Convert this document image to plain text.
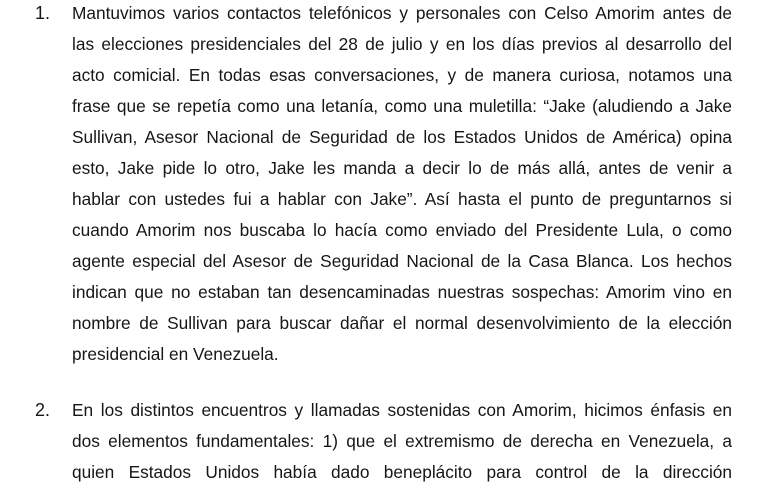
1. Mantuvimos varios contactos telefónicos y personales con Celso Amorim antes de
las elecciones presidenciales del 28 de julio y en los días previos al desarrollo del
acto comicial. En todas esas conversaciones, y de manera curiosa, notamos una
frase que se repetía como una letanía, como una muletilla: “Jake (aludiendo a Jake
Sullivan, Asesor Nacional de Seguridad de los Estados Unidos de América) opina
esto, Jake pide lo otro, Jake les manda a decir lo de más allá, antes de venir a
hablar con ustedes fui a hablar con Jake”. Así hasta el punto de preguntarnos si
cuando Amorim nos buscaba lo hacía como enviado del Presidente Lula, o como
agente especial del Asesor de Seguridad Nacional de la Casa Blanca. Los hechos
indican que no estaban tan desencaminadas nuestras sospechas: Amorim vino en
nombre de Sullivan para buscar dañar el normal desenvolvimiento de la elección
presidencial en Venezuela.
2. En los distintos encuentros y llamadas sostenidas con Amorim, hicimos énfasis en
dos elementos fundamentales: 1) que el extremismo de derecha en Venezuela, a
quien Estados Unidos había dado beneplácito para control de la dirección
